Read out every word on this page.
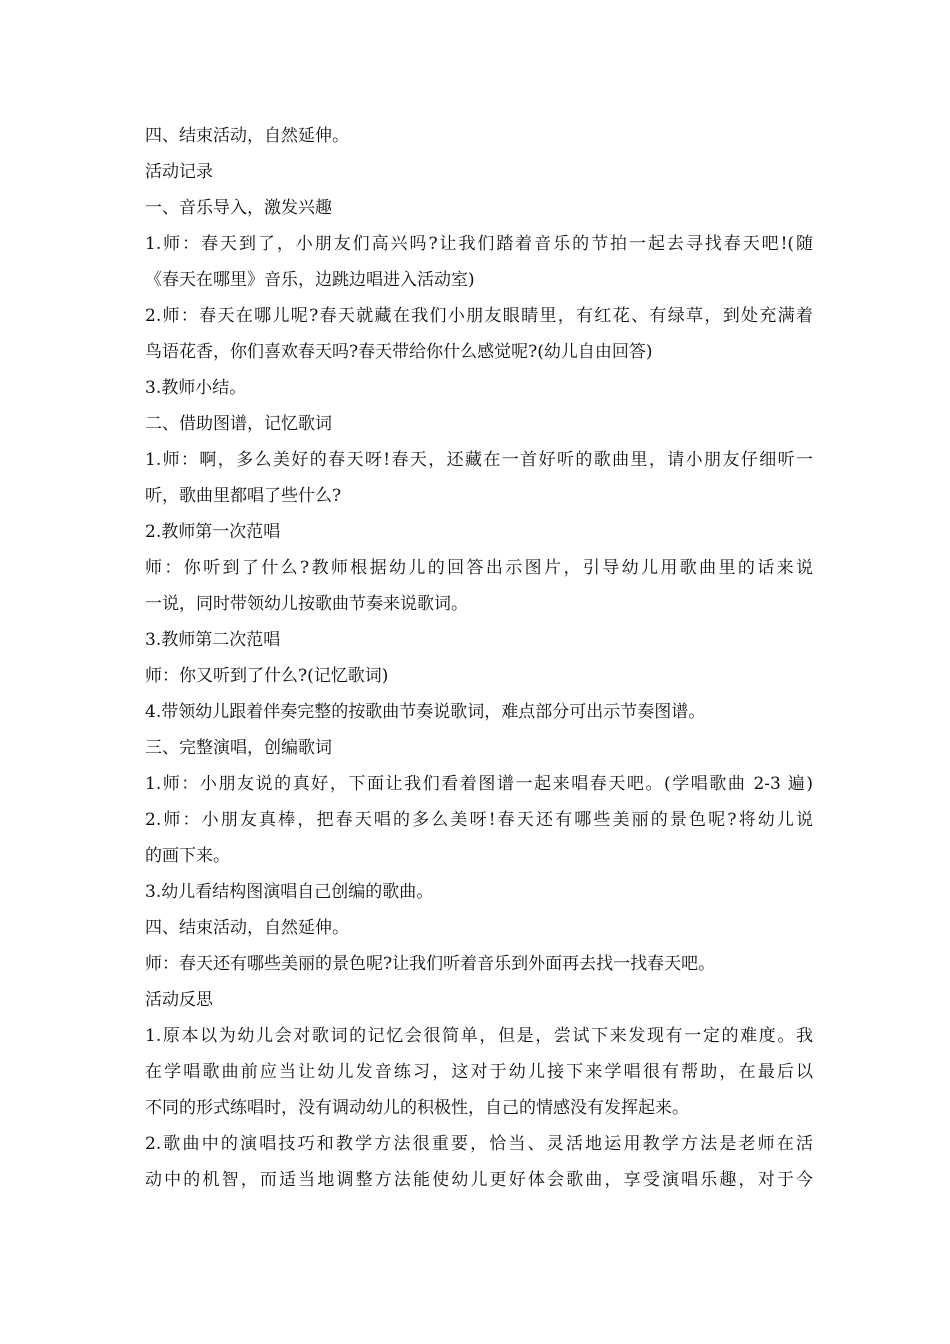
四、结束活动，自然延伸。
活动记录
一、音乐导入，激发兴趣
1.师：春天到了，小朋友们高兴吗?让我们踏着音乐的节拍一起去寻找春天吧!(随
《春天在哪里》音乐，边跳边唱进入活动室)
2.师：春天在哪儿呢?春天就藏在我们小朋友眼睛里，有红花、有绿草，到处充满着
鸟语花香，你们喜欢春天吗?春天带给你什么感觉呢?(幼儿自由回答)
3.教师小结。
二、借助图谱，记忆歌词
1.师：啊，多么美好的春天呀!春天，还藏在一首好听的歌曲里，请小朋友仔细听一
听，歌曲里都唱了些什么?
2.教师第一次范唱
师：你听到了什么?教师根据幼儿的回答出示图片，引导幼儿用歌曲里的话来说
一说，同时带领幼儿按歌曲节奏来说歌词。
3.教师第二次范唱
师：你又听到了什么?(记忆歌词)
4.带领幼儿跟着伴奏完整的按歌曲节奏说歌词，难点部分可出示节奏图谱。
三、完整演唱，创编歌词
1.师：小朋友说的真好，下面让我们看着图谱一起来唱春天吧。(学唱歌曲 2-3 遍)
2.师：小朋友真棒，把春天唱的多么美呀!春天还有哪些美丽的景色呢?将幼儿说
的画下来。
3.幼儿看结构图演唱自己创编的歌曲。
四、结束活动，自然延伸。
师：春天还有哪些美丽的景色呢?让我们听着音乐到外面再去找一找春天吧。
活动反思
1.原本以为幼儿会对歌词的记忆会很简单，但是，尝试下来发现有一定的难度。我
在学唱歌曲前应当让幼儿发音练习，这对于幼儿接下来学唱很有帮助，在最后以
不同的形式练唱时，没有调动幼儿的积极性，自己的情感没有发挥起来。
2.歌曲中的演唱技巧和教学方法很重要，恰当、灵活地运用教学方法是老师在活
动中的机智，而适当地调整方法能使幼儿更好体会歌曲，享受演唱乐趣，对于今
